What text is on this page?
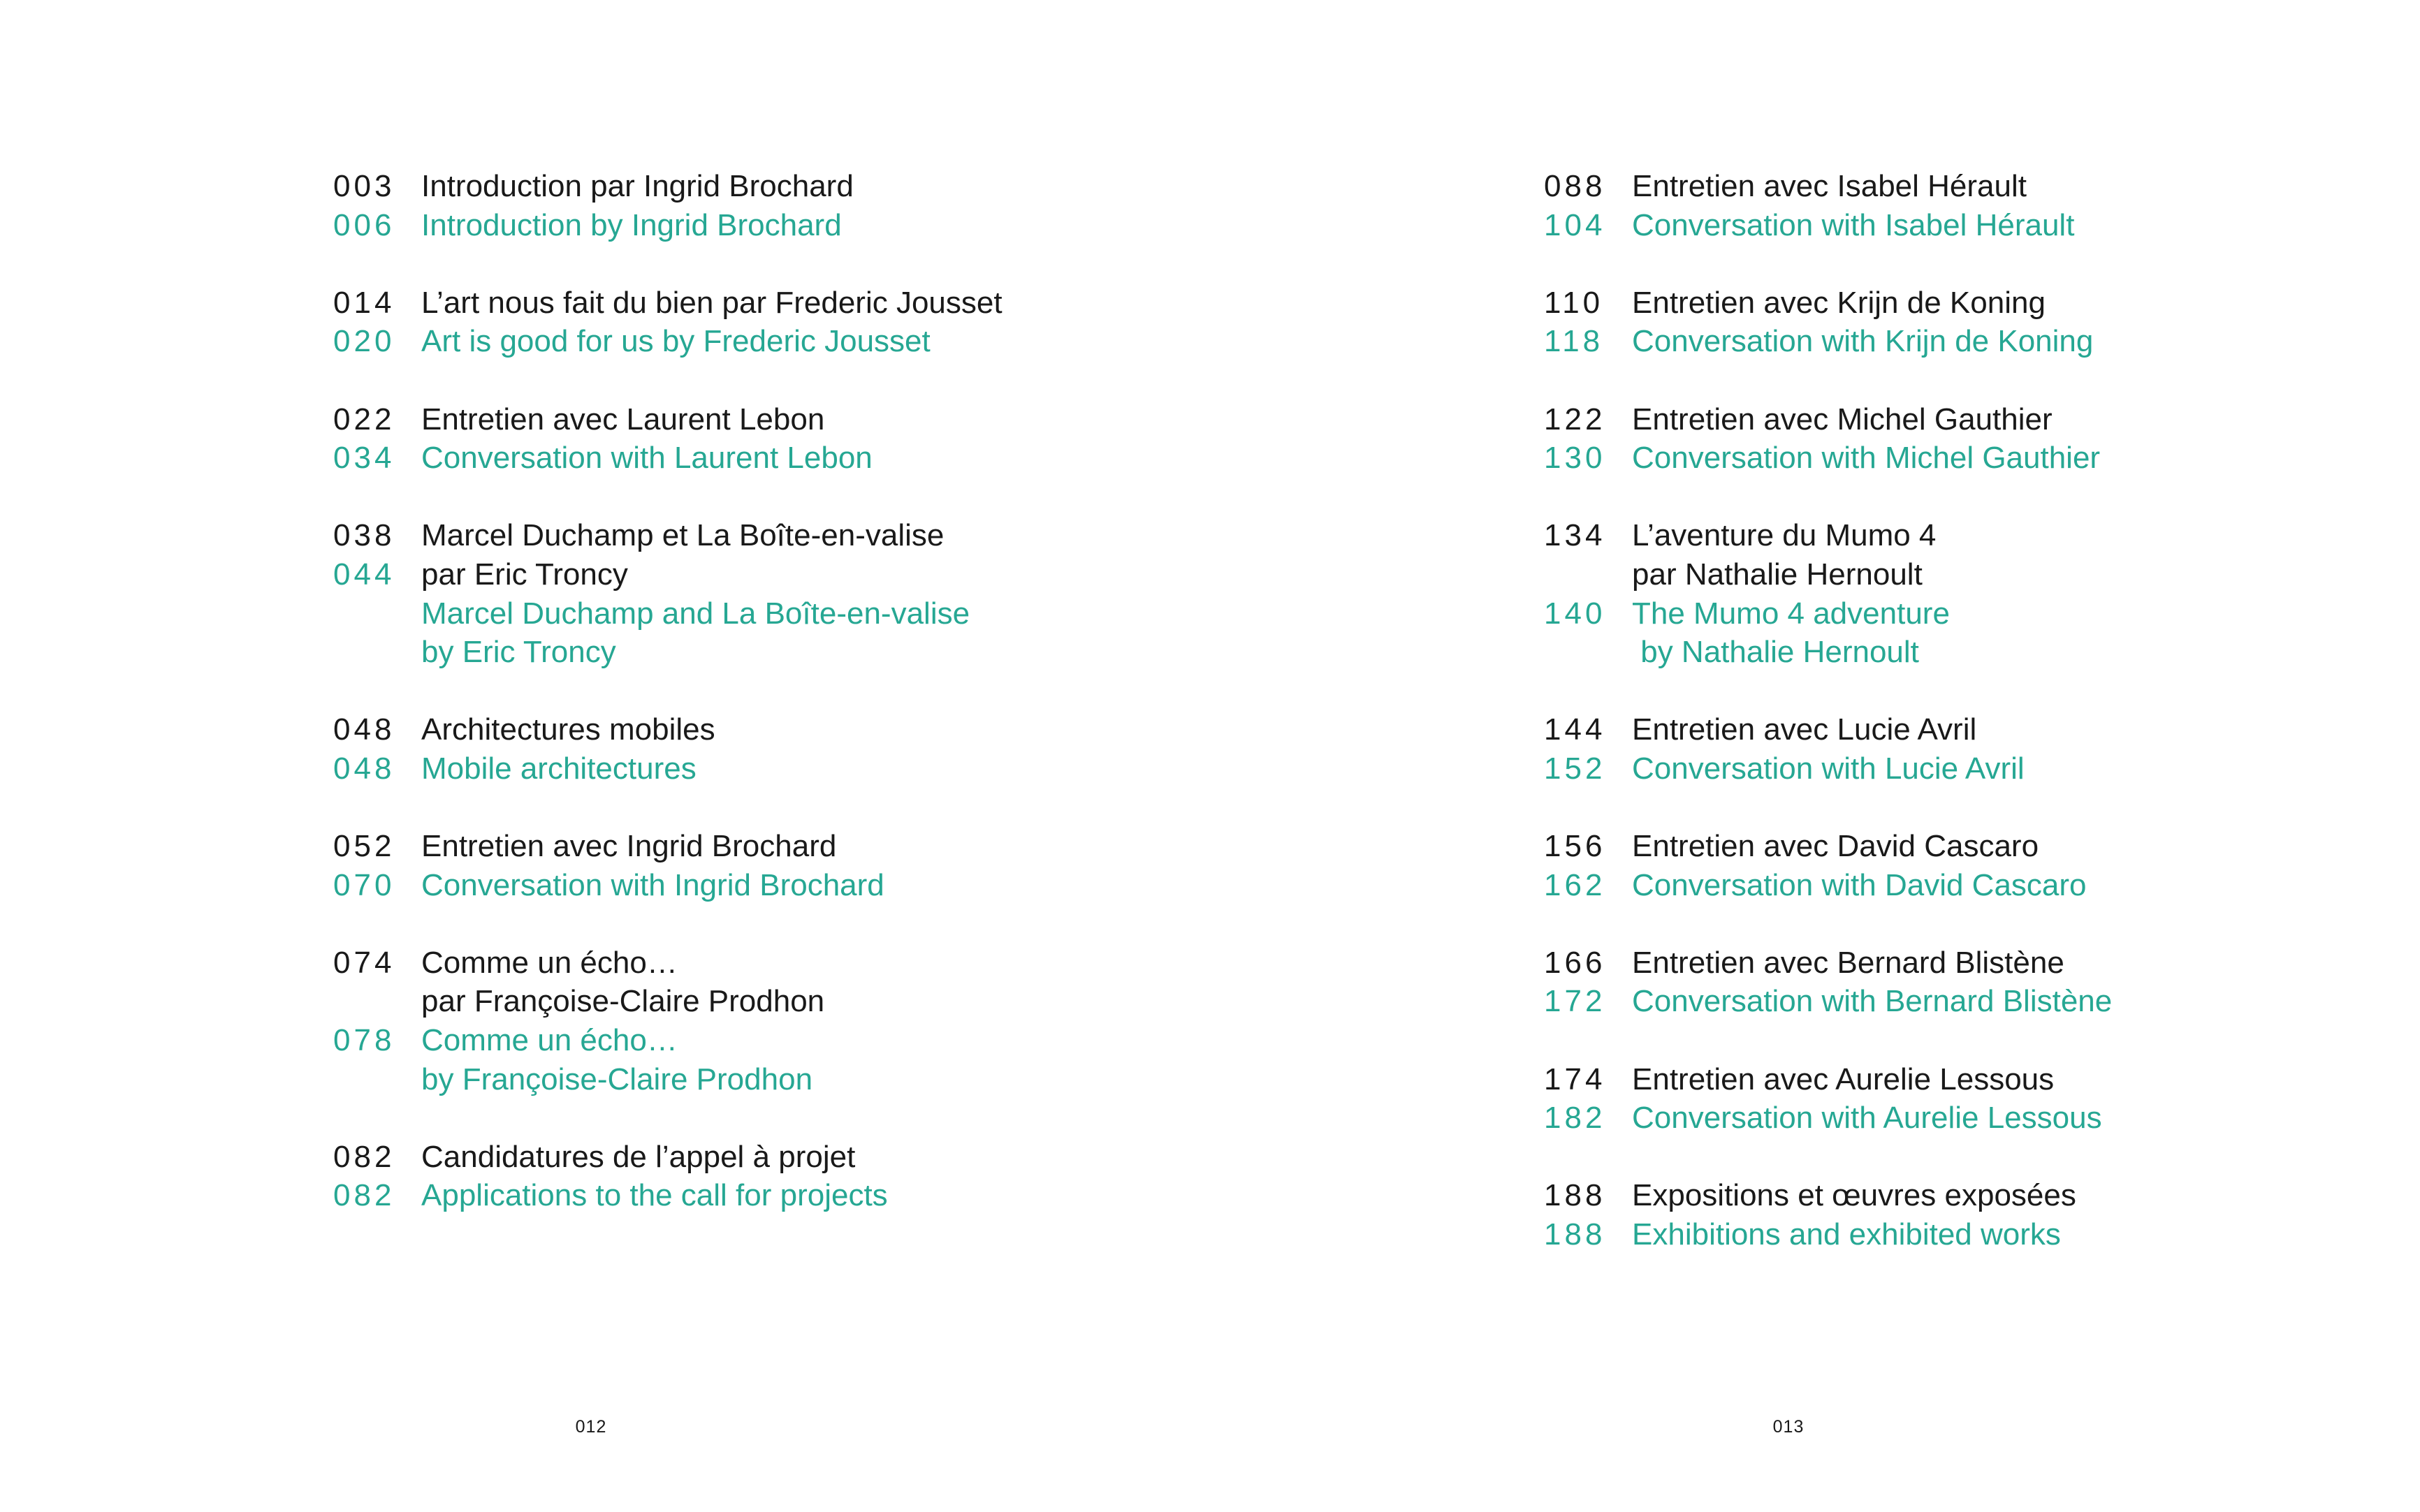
003 Introduction par Ingrid Brochard
006 Introduction by Ingrid Brochard
014 L’art nous fait du bien par Frederic Jousset
020 Art is good for us by Frederic Jousset
022 Entretien avec Laurent Lebon
034 Conversation with Laurent Lebon
038 Marcel Duchamp et La Boîte-en-valise
044 par Eric Troncy
Marcel Duchamp and La Boîte-en-valise
by Eric Troncy
048 Architectures mobiles
048 Mobile architectures
052 Entretien avec Ingrid Brochard
070 Conversation with Ingrid Brochard
074 Comme un écho…
par Françoise-Claire Prodhon
078 Comme un écho…
by Françoise-Claire Prodhon
082 Candidatures de l’appel à projet
082 Applications to the call for projects
012
088 Entretien avec Isabel Hérault
104 Conversation with Isabel Hérault
110 Entretien avec Krijn de Koning
118 Conversation with Krijn de Koning
122 Entretien avec Michel Gauthier
130 Conversation with Michel Gauthier
134 L’aventure du Mumo 4
par Nathalie Hernoult
140 The Mumo 4 adventure
by Nathalie Hernoult
144 Entretien avec Lucie Avril
152 Conversation with Lucie Avril
156 Entretien avec David Cascaro
162 Conversation with David Cascaro
166 Entretien avec Bernard Blistène
172 Conversation with Bernard Blistène
174 Entretien avec Aurelie Lessous
182 Conversation with Aurelie Lessous
188 Expositions et œuvres exposées
188 Exhibitions and exhibited works
013
